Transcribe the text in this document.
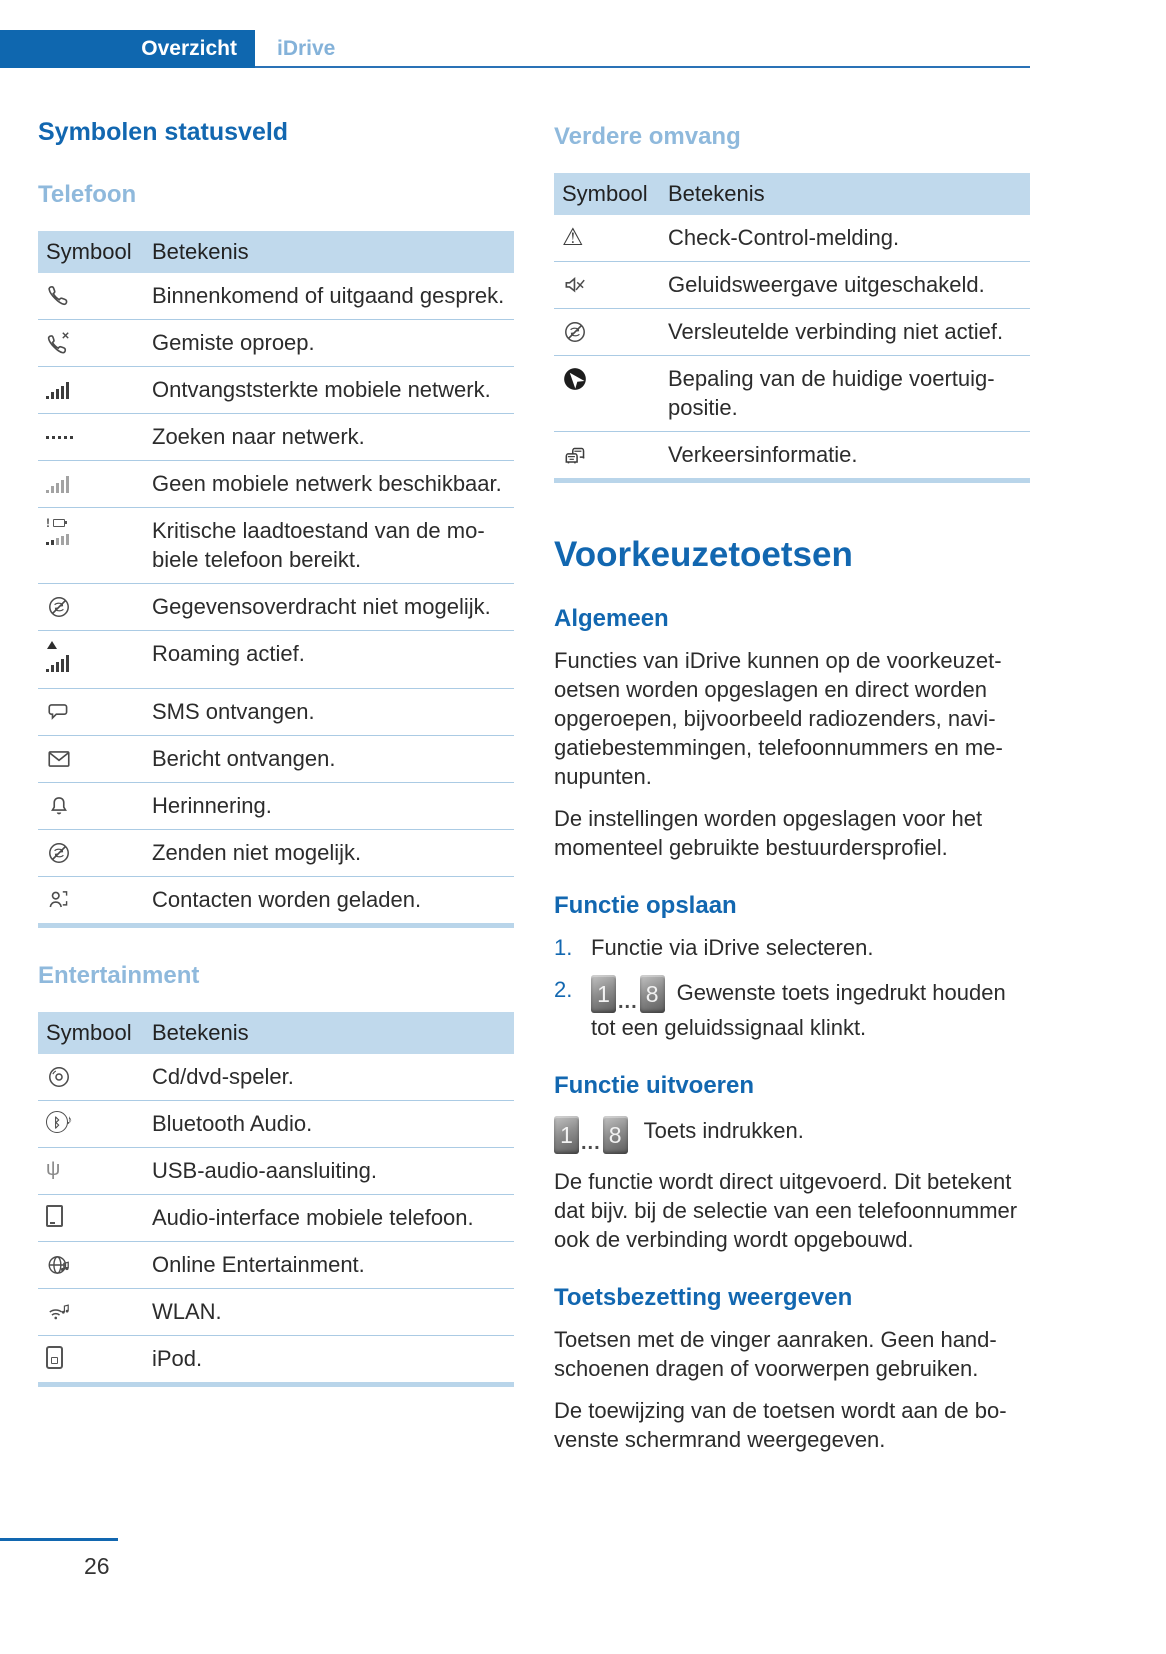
Overzicht iDrive
Symbolen statusveld
Telefoon
Symbool Betekenis
Binnenkomend of uitgaand gesprek.
Gemiste oproep.
Ontvangststerkte mobiele netwerk.
Zoeken naar netwerk.
Geen mobiele netwerk beschikbaar.
!	Kritische laadtoestand van de mobiele telefoon bereikt.
Gegevensoverdracht niet mogelijk.
Roaming actief.
SMS ontvangen.
Bericht ontvangen.
Herinnering.
Zenden niet mogelijk.
Contacten worden geladen.
Entertainment
Symbool Betekenis
Cd/dvd-speler.
ᛒ ♪	Bluetooth Audio.
ψ	USB-audio-aansluiting.
Audio-interface mobiele telefoon.
Online Entertainment.
WLAN.
iPod.
Verdere omvang
Symbool Betekenis
⚠	Check-Control-melding.
Geluidsweergave uitgeschakeld.
Versleutelde verbinding niet actief.
Bepaling van de huidige voertuigpositie.
Verkeersinformatie.
Voorkeuzetoetsen
Algemeen

Functies van iDrive kunnen op de voorkeuzetoetsen worden opgeslagen en direct worden opgeroepen, bijvoorbeeld radiozenders, navigatiebestemmingen, telefoonnummers en menupunten.

De instellingen worden opgeslagen voor het momenteel gebruikte bestuurdersprofiel.

Functie opslaan
1. Functie via iDrive selecteren.
2.	1 ... 8 Gewenste toets ingedrukt houden tot een geluidssignaal klinkt.
Functie uitvoeren
1 ... 8 Toets indrukken.

De functie wordt direct uitgevoerd. Dit betekent dat bijv. bij de selectie van een telefoonnummer ook de verbinding wordt opgebouwd.

Toetsbezetting weergeven

Toetsen met de vinger aanraken. Geen handschoenen dragen of voorwerpen gebruiken.

De toewijzing van de toetsen wordt aan de bovenste schermrand weergegeven.

26
